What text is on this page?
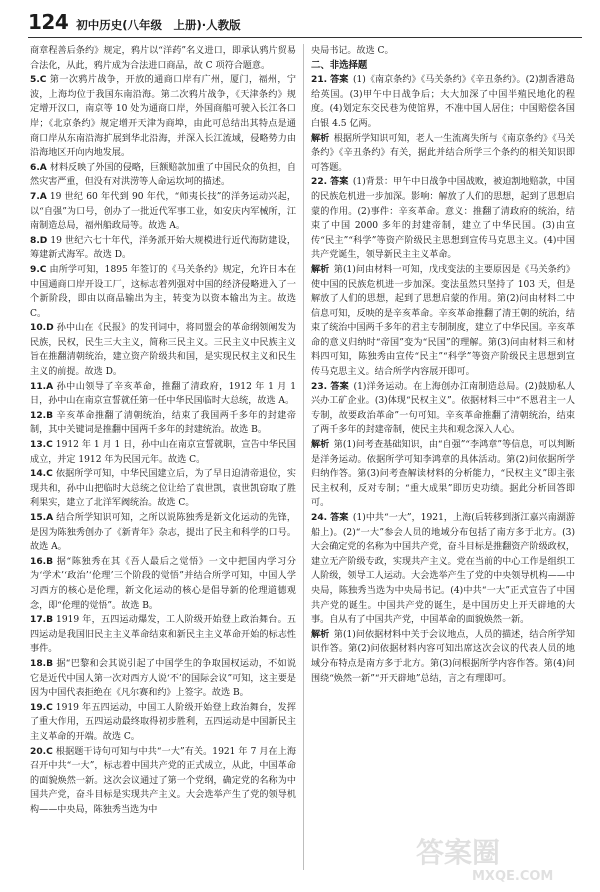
124 初中历史(八年级　上册)·人教版

商章程善后条约》规定，鸦片以“洋药”名义进口，即承认鸦片贸易合法化，从此，鸦片成为合法进口商品，故 C 项符合题意。

5.C 第一次鸦片战争，开放的通商口岸有广州，厦门，福州，宁波，上海均位于我国东南沿海。第二次鸦片战争，《天津条约》规定增开汉口，南京等 10 处为通商口岸，外国商船可驶入长江各口岸；《北京条约》规定增开天津为商埠，由此可总结出其特点是通商口岸从东南沿海扩展到华北沿海，并深入长江流域，侵略势力由沿海地区开向内地发展。

6.A 材料反映了外国的侵略，巨额赔款加重了中国民众的负担，自然灾害严重，但没有对洪涝等人命运坎坷的描述。

7.A 19 世纪 60 年代到 90 年代，“师夷长技”的洋务运动兴起，以“自强”为口号，创办了一批近代军事工业，如安庆内军械所，江南制造总局，福州船政局等。故选 A。

8.D 19 世纪六七十年代，洋务派开始大规模进行近代海防建设，筹建新式海军。故选 D。

9.C 由所学可知，1895 年签订的《马关条约》规定，允许日本在中国通商口岸开设工厂，这标志着列强对中国的经济侵略进入了一个新阶段，即由以商品输出为主，转变为以资本输出为主。故选 C。

10.D 孙中山在《民报》的发刊词中，将同盟会的革命纲领阐发为民族，民权，民生三大主义，简称三民主义。三民主义中民族主义旨在推翻清朝统治，建立资产阶级共和国，是实现民权主义和民生主义的前提。故选 D。

11.A 孙中山领导了辛亥革命，推翻了清政府，1912 年 1 月 1 日，孙中山在南京宣誓就任第一任中华民国临时大总统，故选 A。

12.B 辛亥革命推翻了清朝统治，结束了我国两千多年的封建帝制，其中关键词是推翻中国两千多年的封建统治。故选 B。

13.C 1912 年 1 月 1 日，孙中山在南京宣誓就职，宣告中华民国成立，并定 1912 年为民国元年。故选 C。

14.C 依据所学可知，中华民国建立后，为了早日迫清帝退位，实现共和，孙中山把临时大总统之位让给了袁世凯，袁世凯窃取了胜利果实，建立了北洋军阀统治。故选 C。

15.A 结合所学知识可知，之所以说陈独秀是新文化运动的先锋，是因为陈独秀创办了《新青年》杂志，提出了民主和科学的口号。故选 A。

16.B 据“陈独秀在其《吾人最后之觉悟》一文中把国内学习分为‘学术’‘政治’‘伦理’三个阶段的觉悟”并结合所学可知，中国人学习西方的核心是伦理，新文化运动的核心是倡导新的伦理道德观念，即“伦理的觉悟”。故选 B。

17.B 1919 年，五四运动爆发，工人阶级开始登上政治舞台。五四运动是我国旧民主主义革命结束和新民主主义革命开始的标志性事件。

18.B 据“巴黎和会其说引起了中国学生的争取国权运动，不如说它是近代中国人第一次对西方人说‘不’的国际会议”可知，这主要是因为中国代表拒绝在《凡尔赛和约》上签字。故选 B。

19.C 1919 年五四运动，中国工人阶级开始登上政治舞台，发挥了重大作用，五四运动最终取得初步胜利，五四运动是中国新民主主义革命的开端。故选 C。

20.C 根据题干诗句可知与中共“一大”有关。1921 年 7 月在上海召开中共“一大”，标志着中国共产党的正式成立，从此，中国革命的面貌焕然一新。这次会议通过了第一个党纲，确定党的名称为中国共产党，奋斗目标是实现共产主义。大会选举产生了党的领导机构——中央局，陈独秀当选为中

央局书记。故选 C。

二、非选择题

21. 答案  (1)《南京条约》《马关条约》《辛丑条约》。(2)割香港岛给英国。(3)甲午中日战争后；大大加深了中国半殖民地化的程度。(4)划定东交民巷为使馆界，不准中国人居住；中国赔偿各国白银 4.5 亿两。

解析  根据所学知识可知，老人一生流离失所与《南京条约》《马关条约》《辛丑条约》有关，据此并结合所学三个条约的相关知识即可答题。

22. 答案  (1)背景：甲午中日战争中国战败，被迫割地赔款，中国的民族危机进一步加深。影响：解放了人们的思想，起到了思想启蒙的作用。(2)事件：辛亥革命。意义：推翻了清政府的统治，结束了中国 2000 多年的封建帝制，建立了中华民国。(3)由宣传“民主”“科学”等资产阶级民主思想到宣传马克思主义。(4)中国共产党诞生，领导新民主主义革命。

解析  第(1)问由材料一可知，戊戌变法的主要原因是《马关条约》使中国的民族危机进一步加深。变法虽然只坚持了 103 天，但是解放了人们的思想，起到了思想启蒙的作用。第(2)问由材料二中信息可知，反映的是辛亥革命。辛亥革命推翻了清王朝的统治，结束了统治中国两千多年的君主专制制度，建立了中华民国。辛亥革命的意义归纳时“帝国”变为“民国”的理解。第(3)问由材料三和材料四可知，陈独秀由宣传“民主”“科学”等资产阶级民主思想到宣传马克思主义。结合所学内容展开即可。

23. 答案  (1)洋务运动。在上海创办江南制造总局。(2)鼓励私人兴办工矿企业。(3)体现“民权主义”。依据材料三中“不恩君主一人专制，故要政治革命”一句可知。辛亥革命推翻了清朝统治，结束了两千多年的封建帝制，使民主共和观念深入人心。

解析  第(1)问考查基础知识，由“自强”“李鸿章”等信息，可以判断是洋务运动。依据所学可知李鸿章的具体活动。第(2)问依据所学归纳作答。第(3)问考查解读材料的分析能力，“民权主义”即主张民主权利，反对专制；“重大成果”即历史功绩。据此分析回答即可。

24. 答案  (1)中共“一大”，1921，上海(后转移到浙江嘉兴南湖游船上)。(2)“一大”参会人员的地域分布包括了南方多于北方。(3)大会确定党的名称为中国共产党，奋斗目标是推翻资产阶级政权，建立无产阶级专政，实现共产主义。党在当前的中心工作是组织工人阶级，领导工人运动。大会选举产生了党的中央领导机构——中央局，陈独秀当选为中央局书记。(4)中共“一大”正式宣告了中国共产党的诞生。中国共产党的诞生，是中国历史上开天辟地的大事。自从有了中国共产党，中国革命的面貌焕然一新。

解析  第(1)问依据材料中关于会议地点，人员的描述，结合所学知识作答。第(2)问依据材料内容可知出席这次会议的代表人员的地域分布特点是南方多于北方。第(3)问根据所学内容作答。第(4)问围绕“焕然一新”“开天辟地”总结，言之有理即可。

答案圈
MXQE.COM
